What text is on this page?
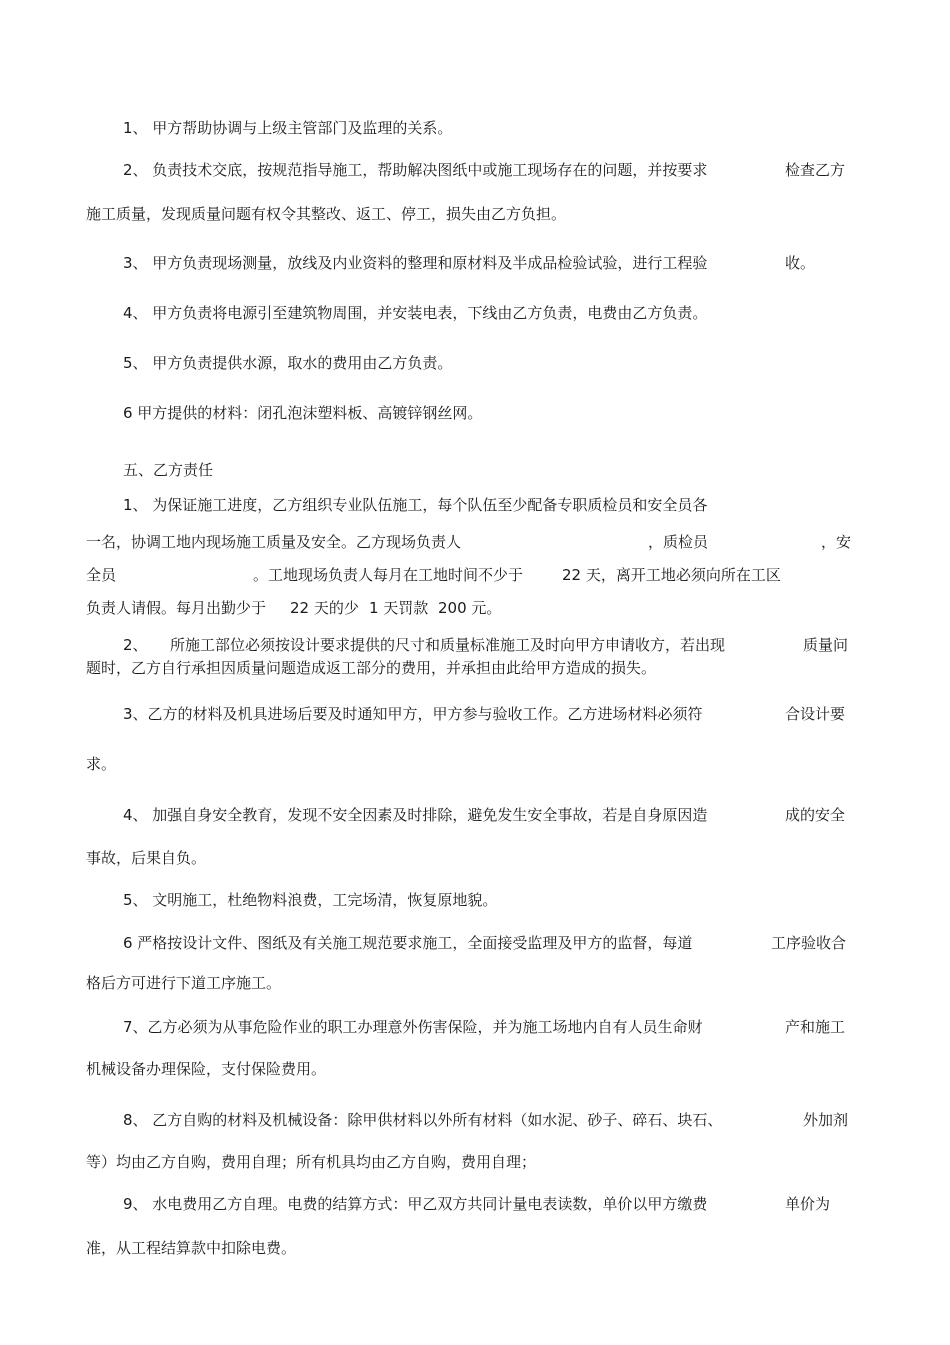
1、 甲方帮助协调与上级主管部门及监理的关系。
2、 负责技术交底，按规范指导施工，帮助解决图纸中或施工现场存在的问题，并按要求	检查乙方
施工质量，发现质量问题有权令其整改、返工、停工，损失由乙方负担。
3、 甲方负责现场测量，放线及内业资料的整理和原材料及半成品检验试验，进行工程验	收。
4、 甲方负责将电源引至建筑物周围，并安装电表，下线由乙方负责，电费由乙方负责。
5、 甲方负责提供水源，取水的费用由乙方负责。
6 甲方提供的材料：闭孔泡沫塑料板、高镀锌钢丝网。
五、乙方责任
1、 为保证施工进度，乙方组织专业队伍施工，每个队伍至少配备专职质检员和安全员各
一名，协调工地内现场施工质量及安全。乙方现场负责人	，质检员	，安
全员	。工地现场负责人每月在工地时间不少于	22 天，离开工地必须向所在工区
负责人请假。每月出勤少于 22 天的少 1 天罚款 200 元。
2、 所施工部位必须按设计要求提供的尺寸和质量标准施工及时向甲方申请收方，若出现	质量问
题时，乙方自行承担因质量问题造成返工部分的费用，并承担由此给甲方造成的损失。
3、乙方的材料及机具进场后要及时通知甲方，甲方参与验收工作。乙方进场材料必须符	合设计要
求。
4、 加强自身安全教育，发现不安全因素及时排除，避免发生安全事故，若是自身原因造	成的安全
事故，后果自负。
5、 文明施工，杜绝物料浪费，工完场清，恢复原地貌。
6 严格按设计文件、图纸及有关施工规范要求施工，全面接受监理及甲方的监督，每道	工序验收合
格后方可进行下道工序施工。
7、乙方必须为从事危险作业的职工办理意外伤害保险，并为施工场地内自有人员生命财	产和施工
机械设备办理保险，支付保险费用。
8、 乙方自购的材料及机械设备：除甲供材料以外所有材料（如水泥、砂子、碎石、块石、	外加剂
等）均由乙方自购，费用自理；所有机具均由乙方自购，费用自理；
9、 水电费用乙方自理。电费的结算方式：甲乙双方共同计量电表读数，单价以甲方缴费	单价为
准，从工程结算款中扣除电费。
